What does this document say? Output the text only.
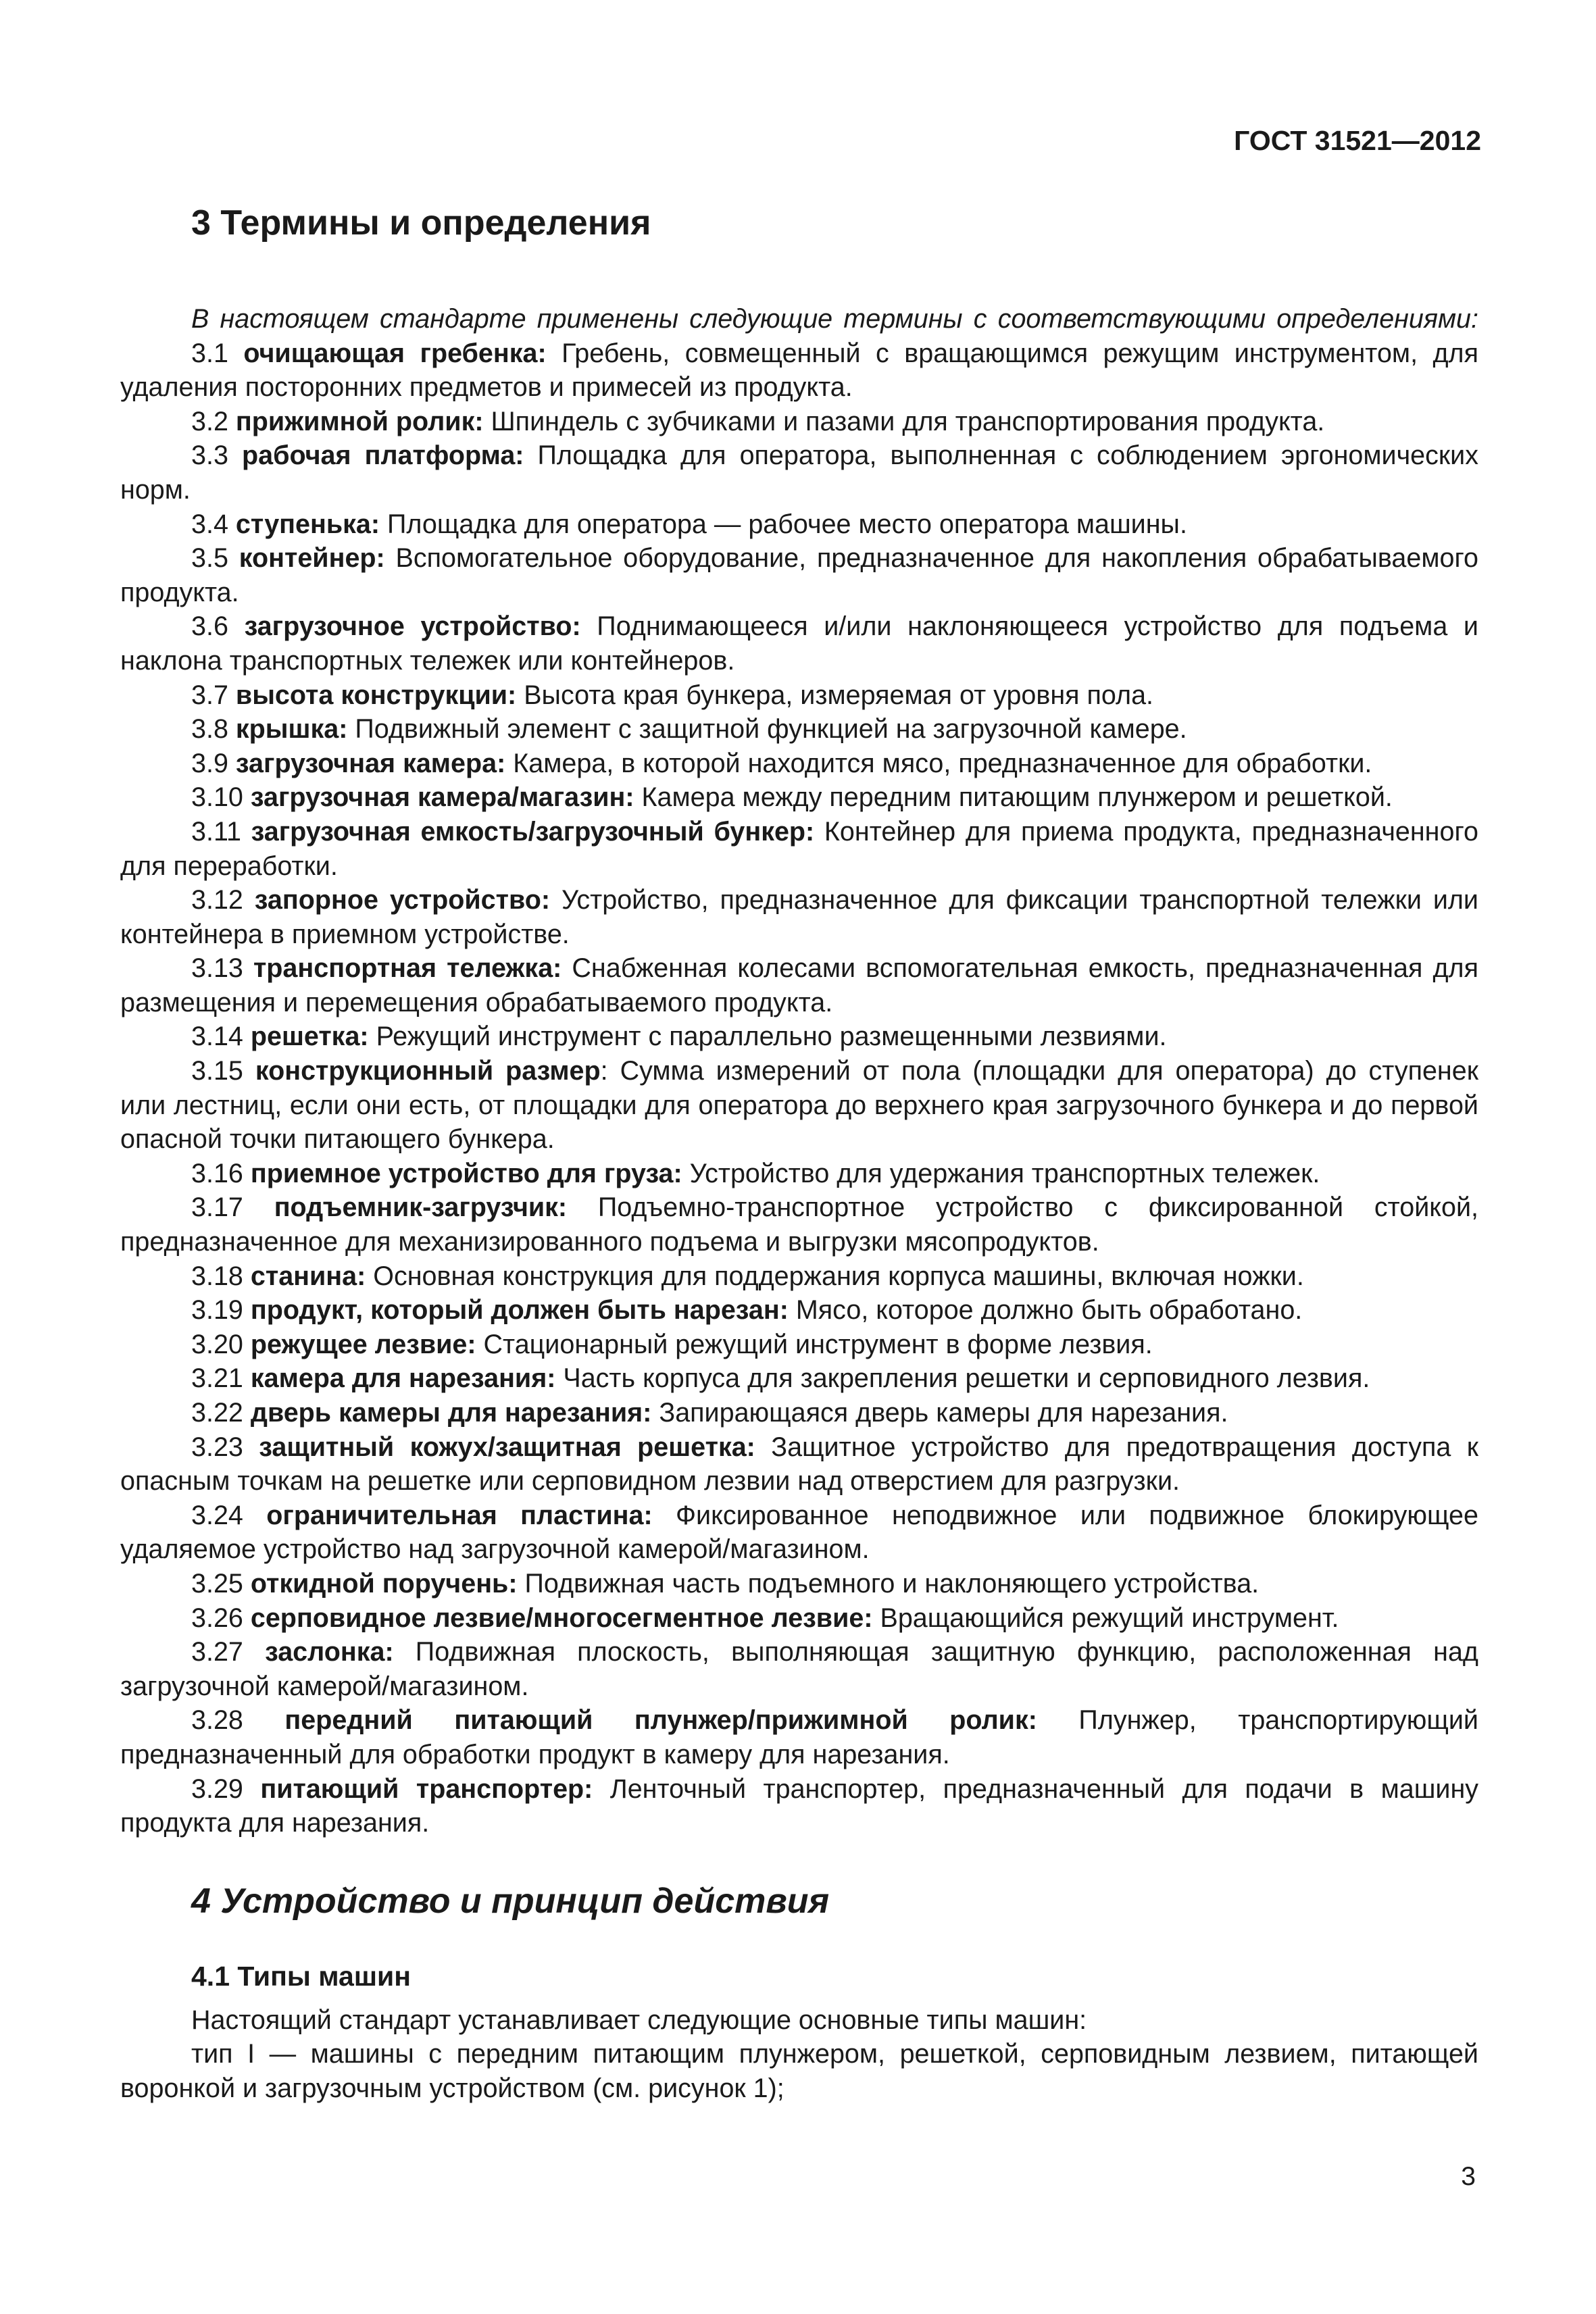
ГОСТ 31521—2012
3 Термины и определения

В настоящем стандарте применены следующие термины с соответствующими определениями:

3.1 очищающая гребенка: Гребень, совмещенный с вращающимся режущим инструментом, для удаления посторонних предметов и примесей из продукта.

3.2 прижимной ролик: Шпиндель с зубчиками и пазами для транспортирования продукта.

3.3 рабочая платформа: Площадка для оператора, выполненная с соблюдением эргономических норм.

3.4 ступенька: Площадка для оператора — рабочее место оператора машины.

3.5 контейнер: Вспомогательное оборудование, предназначенное для накопления обрабатываемого продукта.

3.6 загрузочное устройство: Поднимающееся и/или наклоняющееся устройство для подъема и наклона транспортных тележек или контейнеров.

3.7 высота конструкции: Высота края бункера, измеряемая от уровня пола.

3.8 крышка: Подвижный элемент с защитной функцией на загрузочной камере.

3.9 загрузочная камера: Камера, в которой находится мясо, предназначенное для обработки.

3.10 загрузочная камера/магазин: Камера между передним питающим плунжером и решеткой.

3.11 загрузочная емкость/загрузочный бункер: Контейнер для приема продукта, предназначенного для переработки.

3.12 запорное устройство: Устройство, предназначенное для фиксации транспортной тележки или контейнера в приемном устройстве.

3.13 транспортная тележка: Снабженная колесами вспомогательная емкость, предназначенная для размещения и перемещения обрабатываемого продукта.

3.14 решетка: Режущий инструмент с параллельно размещенными лезвиями.

3.15 конструкционный размер: Сумма измерений от пола (площадки для оператора) до ступенек или лестниц, если они есть, от площадки для оператора до верхнего края загрузочного бункера и до первой опасной точки питающего бункера.

3.16 приемное устройство для груза: Устройство для удержания транспортных тележек.

3.17 подъемник-загрузчик: Подъемно-транспортное устройство с фиксированной стойкой, предназначенное для механизированного подъема и выгрузки мясопродуктов.

3.18 станина: Основная конструкция для поддержания корпуса машины, включая ножки.

3.19 продукт, который должен быть нарезан: Мясо, которое должно быть обработано.

3.20 режущее лезвие: Стационарный режущий инструмент в форме лезвия.

3.21 камера для нарезания: Часть корпуса для закрепления решетки и серповидного лезвия.

3.22 дверь камеры для нарезания: Запирающаяся дверь камеры для нарезания.

3.23 защитный кожух/защитная решетка: Защитное устройство для предотвращения доступа к опасным точкам на решетке или серповидном лезвии над отверстием для разгрузки.

3.24 ограничительная пластина: Фиксированное неподвижное или подвижное блокирующее удаляемое устройство над загрузочной камерой/магазином.

3.25 откидной поручень: Подвижная часть подъемного и наклоняющего устройства.

3.26 серповидное лезвие/многосегментное лезвие: Вращающийся режущий инструмент.

3.27 заслонка: Подвижная плоскость, выполняющая защитную функцию, расположенная над загрузочной камерой/магазином.

3.28 передний питающий плунжер/прижимной ролик: Плунжер, транспортирующий предназначенный для обработки продукт в камеру для нарезания.

3.29 питающий транспортер: Ленточный транспортер, предназначенный для подачи в машину продукта для нарезания.

4 Устройство и принцип действия
4.1 Типы машин

Настоящий стандарт устанавливает следующие основные типы машин:

тип I — машины с передним питающим плунжером, решеткой, серповидным лезвием, питающей воронкой и загрузочным устройством (см. рисунок 1);

3
